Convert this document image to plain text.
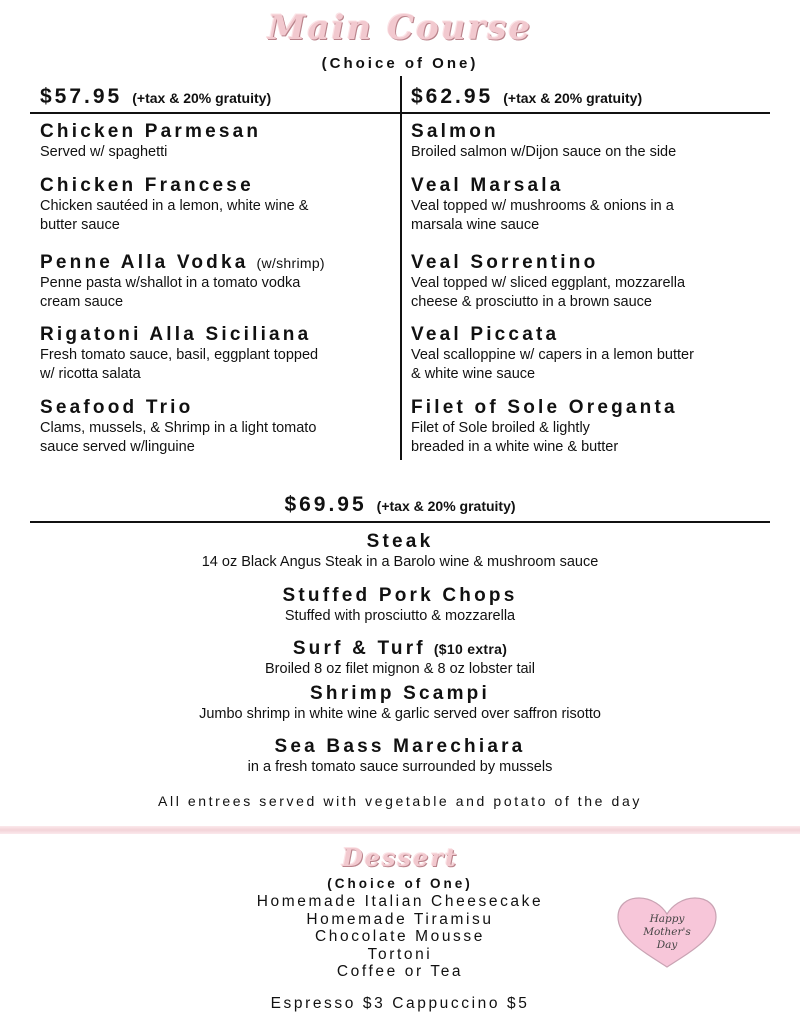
Main Course
(Choice of One)
$57.95 (+tax & 20% gratuity)	$62.95 (+tax & 20% gratuity)
Chicken Parmesan
Served w/ spaghetti
Chicken Francese
Chicken sautéed in a lemon, white wine &
butter sauce
Penne Alla Vodka (w/shrimp)
Penne pasta w/shallot in a tomato vodka
cream sauce
Rigatoni Alla Siciliana
Fresh tomato sauce, basil, eggplant topped
w/ ricotta salata
Seafood Trio
Clams, mussels, & Shrimp in a light tomato
sauce served w/linguine
Salmon
Broiled salmon w/Dijon sauce on the side
Veal Marsala
Veal topped w/ mushrooms & onions in a
marsala wine sauce
Veal Sorrentino
Veal topped w/ sliced eggplant, mozzarella
cheese & prosciutto in a brown sauce
Veal Piccata
Veal scalloppine w/ capers in a lemon butter
& white wine sauce
Filet of Sole Oreganta
Filet of Sole broiled & lightly
breaded in a white wine & butter
$69.95 (+tax & 20% gratuity)
Steak
14 oz Black Angus Steak in a Barolo wine & mushroom sauce
Stuffed Pork Chops
Stuffed with prosciutto & mozzarella
Surf & Turf ($10 extra)
Broiled 8 oz filet mignon & 8 oz lobster tail
Shrimp Scampi
Jumbo shrimp in white wine & garlic served over saffron risotto
Sea Bass Marechiara
in a fresh tomato sauce surrounded by mussels
All entrees served with vegetable and potato of the day
Dessert
(Choice of One)
Homemade Italian Cheesecake
Homemade Tiramisu
Chocolate Mousse
Tortoni
Coffee or Tea
Espresso $3 Cappuccino $5
Happy
Mother's
Day
